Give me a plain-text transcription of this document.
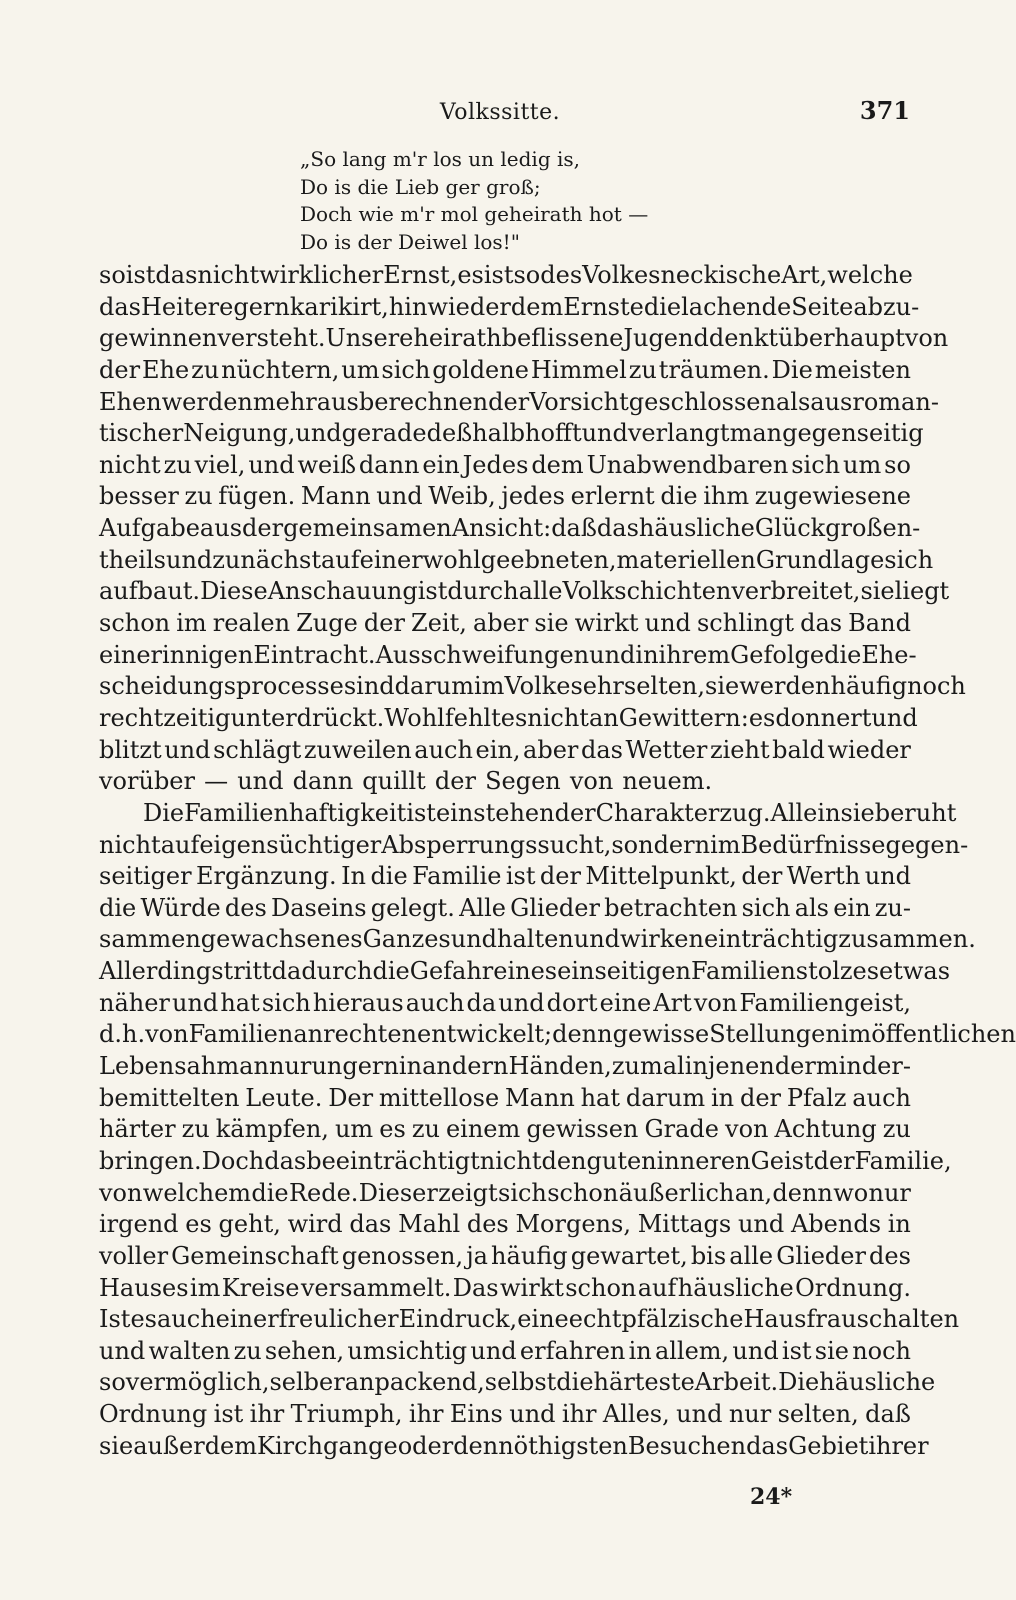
Volkssitte.	371
„So lang m'r los un ledig is,
Do is die Lieb ger groß;
Doch wie m'r mol geheirath hot —
Do is der Deiwel los!"
so ist das nicht wirklicher Ernst, es ist so des Volkes neckische Art, welche
das Heitere gern karikirt, hinwieder dem Ernste die lachende Seite abzu-
gewinnen versteht. Unsere heirathbeflissene Jugend denkt überhaupt von
der Ehe zu nüchtern, um sich goldene Himmel zu träumen. Die meisten
Ehen werden mehr aus berechnender Vorsicht geschlossen als aus roman-
tischer Neigung, und gerade deßhalb hofft und verlangt man gegenseitig
nicht zu viel, und weiß dann ein Jedes dem Unabwendbaren sich um so
besser zu fügen. Mann und Weib, jedes erlernt die ihm zugewiesene
Aufgabe aus der gemeinsamen Ansicht: daß das häusliche Glück großen-
theils und zunächst auf einer wohlgeebneten, materiellen Grundlage sich
aufbaut. Diese Anschauung ist durch alle Volkschichten verbreitet, sie liegt
schon im realen Zuge der Zeit, aber sie wirkt und schlingt das Band
einer innigen Eintracht. Ausschweifungen und in ihrem Gefolge die Ehe-
scheidungsprocesse sind darum im Volke sehr selten, sie werden häufig noch
rechtzeitig unterdrückt. Wohl fehlt es nicht an Gewittern: es donnert und
blitzt und schlägt zuweilen auch ein, aber das Wetter zieht bald wieder
vorüber — und dann quillt der Segen von neuem.
Die Familienhaftigkeit ist ein stehender Charakterzug. Allein sie beruht
nicht auf eigensüchtiger Absperrungssucht, sondern im Bedürfnisse gegen-
seitiger Ergänzung. In die Familie ist der Mittelpunkt, der Werth und
die Würde des Daseins gelegt. Alle Glieder betrachten sich als ein zu-
sammengewachsenes Ganzes und halten und wirken einträchtig zusammen.
Allerdings tritt dadurch die Gefahr eines einseitigen Familienstolzes etwas
näher und hat sich hieraus auch da und dort eine Art von Familiengeist,
d. h. von Familienanrechten entwickelt; denn gewisse Stellungen im öffentlichen
Leben sah man nur ungern in andern Händen, zumal in jenen der minder-
bemittelten Leute. Der mittellose Mann hat darum in der Pfalz auch
härter zu kämpfen, um es zu einem gewissen Grade von Achtung zu
bringen. Doch das beeinträchtigt nicht den guten inneren Geist der Familie,
von welchem die Rede. Dieser zeigt sich schon äußerlich an, denn wo nur
irgend es geht, wird das Mahl des Morgens, Mittags und Abends in
voller Gemeinschaft genossen, ja häufig gewartet, bis alle Glieder des
Hauses im Kreise versammelt. Das wirkt schon auf häusliche Ordnung.
Ist es auch ein erfreulicher Eindruck, eine echtpfälzische Hausfrau schalten
und walten zu sehen, umsichtig und erfahren in allem, und ist sie noch
so vermöglich, selber anpackend, selbst die härteste Arbeit. Die häusliche
Ordnung ist ihr Triumph, ihr Eins und ihr Alles, und nur selten, daß
sie außer dem Kirchgange oder den nöthigsten Besuchen das Gebiet ihrer
24*
